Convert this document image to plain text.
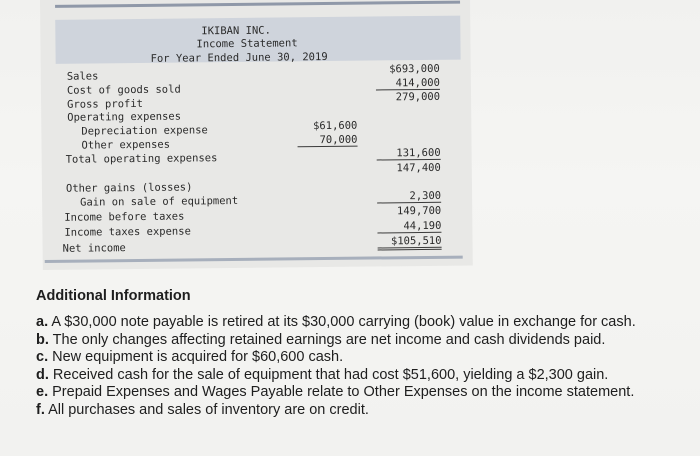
IKIBAN INC.
Income Statement
For Year Ended June 30, 2019
Sales
Cost of goods sold
Gross profit
Operating expenses
Depreciation expense
Other expenses
Total operating expenses
Other gains (losses)
Gain on sale of equipment
Income before taxes
Income taxes expense
Net income
$61,600
70,000
$693,000
414,000
279,000
131,600
147,400
2,300
149,700
44,190
$105,510
Additional Information
a. A $30,000 note payable is retired at its $30,000 carrying (book) value in exchange for cash.
b. The only changes affecting retained earnings are net income and cash dividends paid.
c. New equipment is acquired for $60,600 cash.
d. Received cash for the sale of equipment that had cost $51,600, yielding a $2,300 gain.
e. Prepaid Expenses and Wages Payable relate to Other Expenses on the income statement.
f. All purchases and sales of inventory are on credit.
